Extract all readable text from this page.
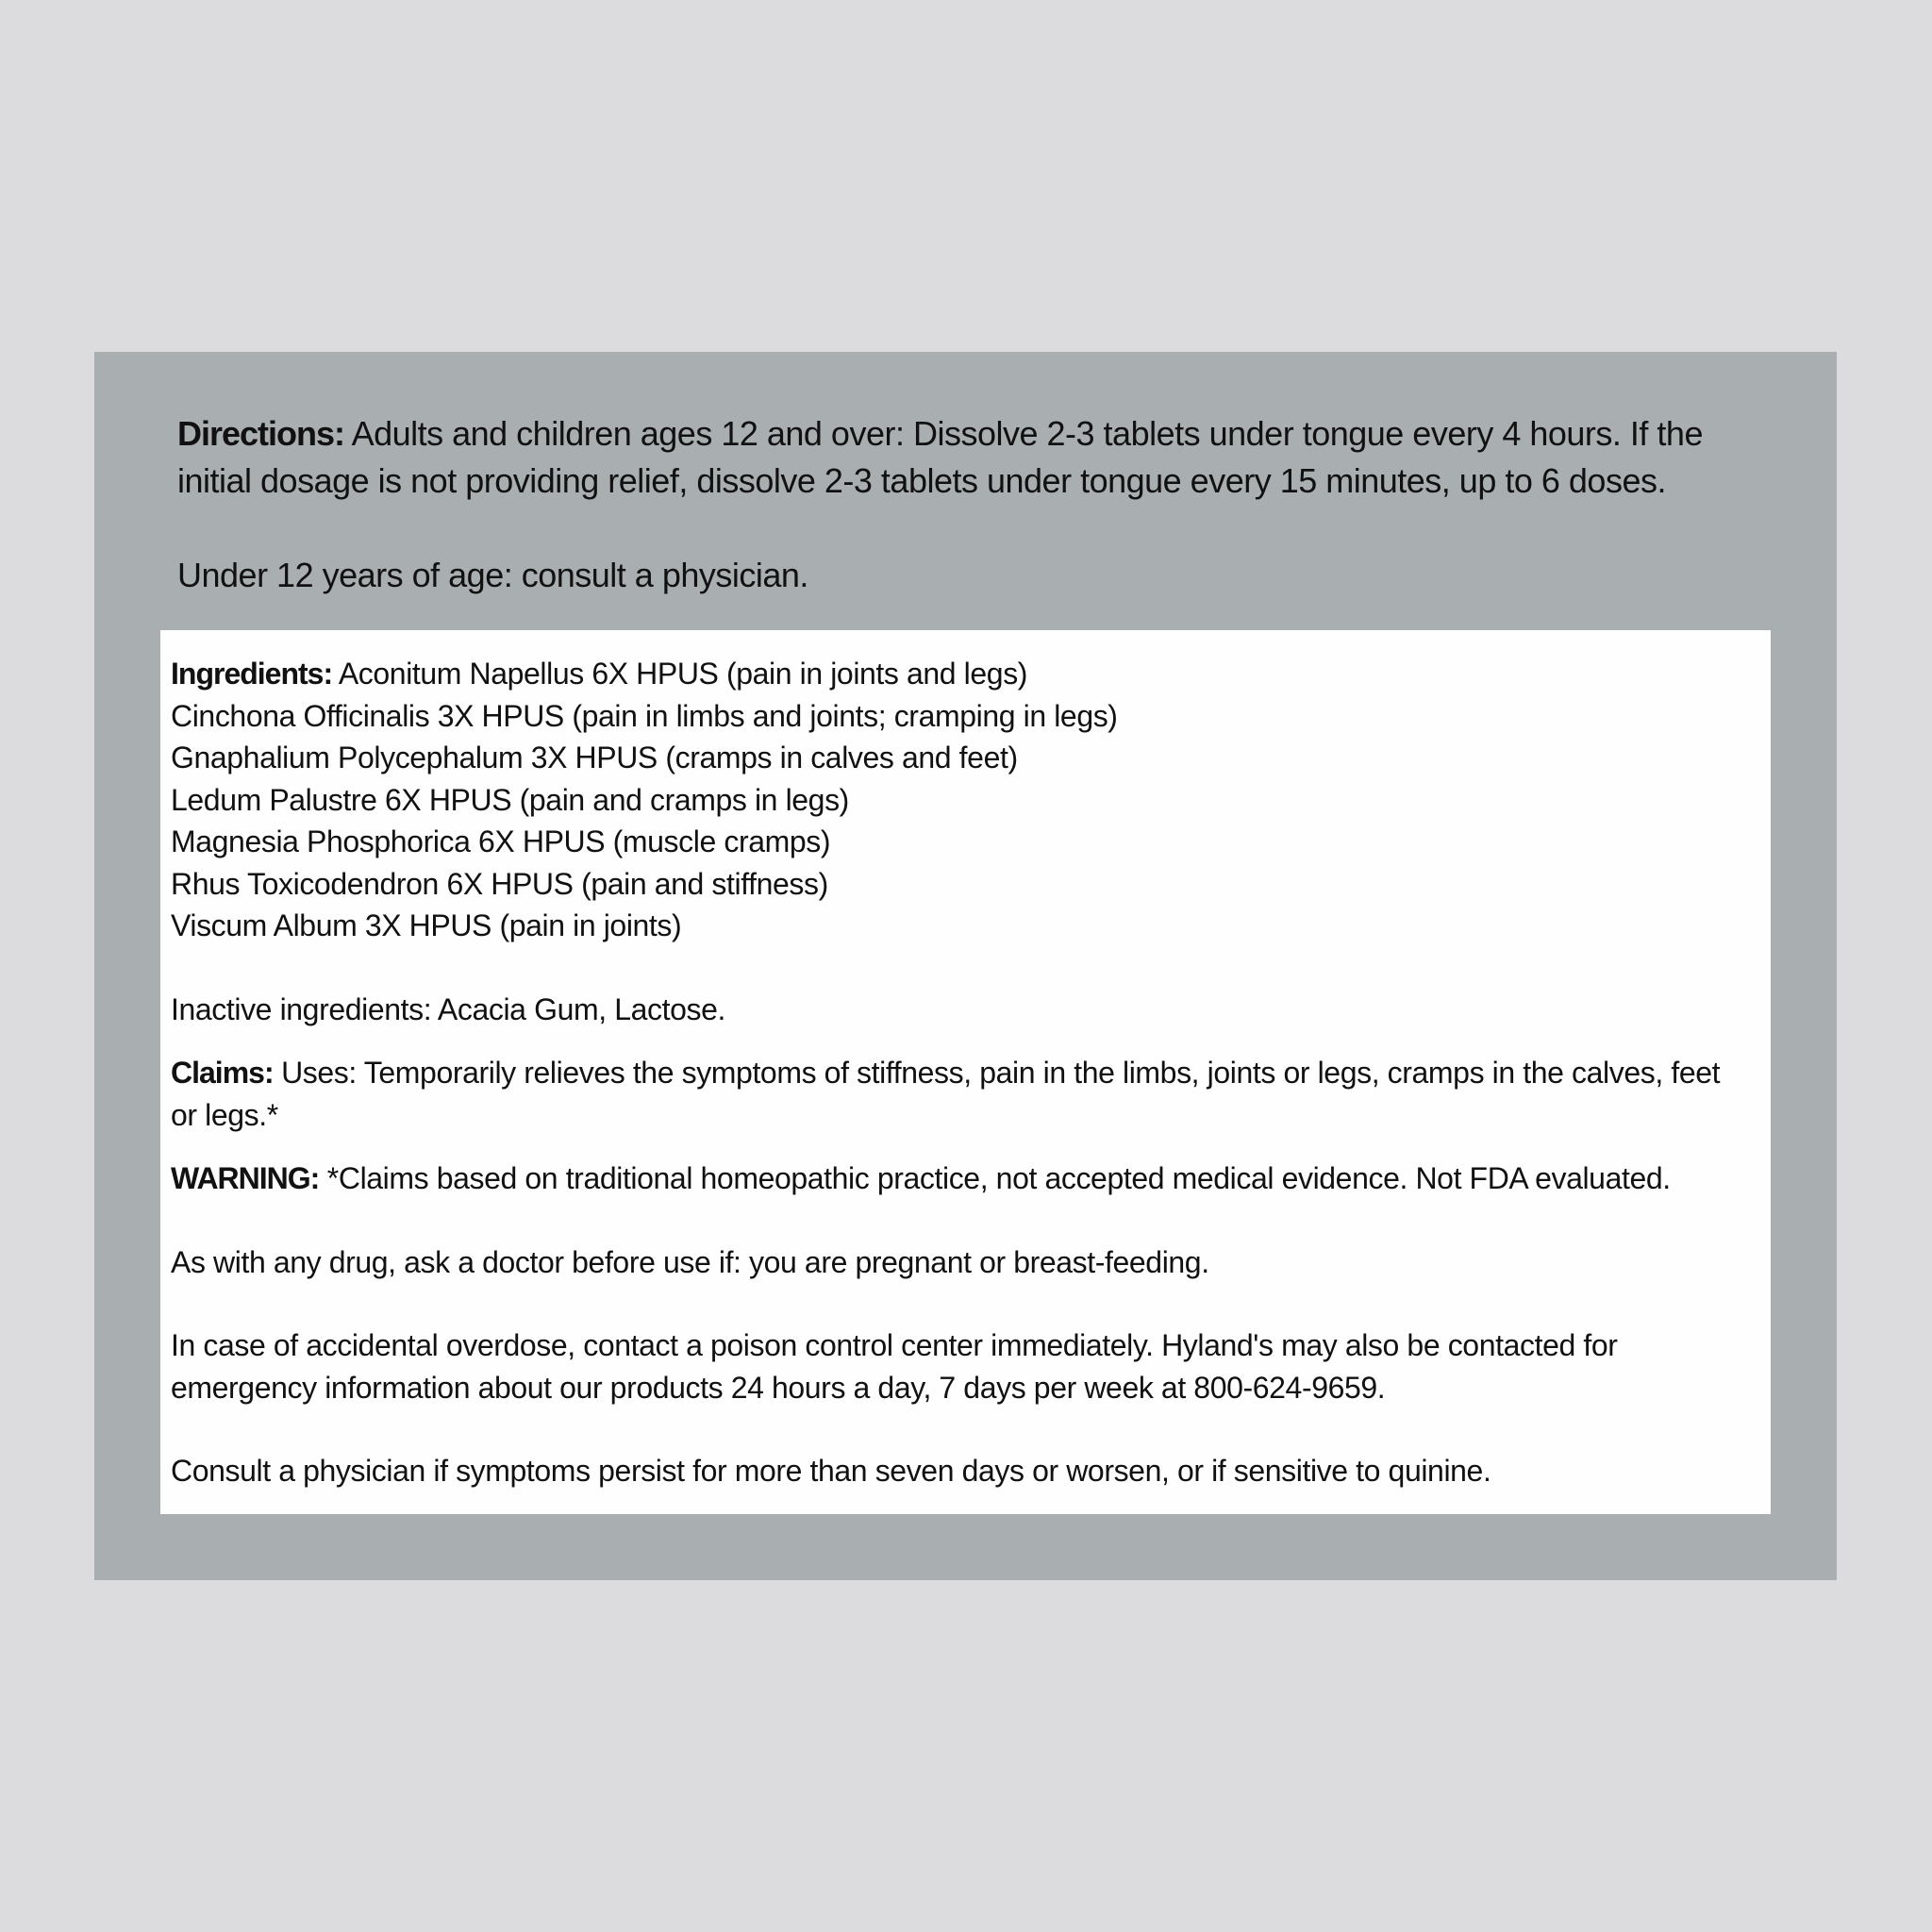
Directions: Adults and children ages 12 and over: Dissolve 2-3 tablets under tongue every 4 hours. If the initial dosage is not providing relief, dissolve 2-3 tablets under tongue every 15 minutes, up to 6 doses.

Under 12 years of age: consult a physician.

Ingredients: Aconitum Napellus 6X HPUS (pain in joints and legs)
Cinchona Officinalis 3X HPUS (pain in limbs and joints; cramping in legs)
Gnaphalium Polycephalum 3X HPUS (cramps in calves and feet)
Ledum Palustre 6X HPUS (pain and cramps in legs)
Magnesia Phosphorica 6X HPUS (muscle cramps)
Rhus Toxicodendron 6X HPUS (pain and stiffness)
Viscum Album 3X HPUS (pain in joints)

Inactive ingredients: Acacia Gum, Lactose.

Claims: Uses: Temporarily relieves the symptoms of stiffness, pain in the limbs, joints or legs, cramps in the calves, feet or legs.*

WARNING: *Claims based on traditional homeopathic practice, not accepted medical evidence. Not FDA evaluated.

As with any drug, ask a doctor before use if: you are pregnant or breast-feeding.

In case of accidental overdose, contact a poison control center immediately. Hyland's may also be contacted for emergency information about our products 24 hours a day, 7 days per week at 800-624-9659.

Consult a physician if symptoms persist for more than seven days or worsen, or if sensitive to quinine.
